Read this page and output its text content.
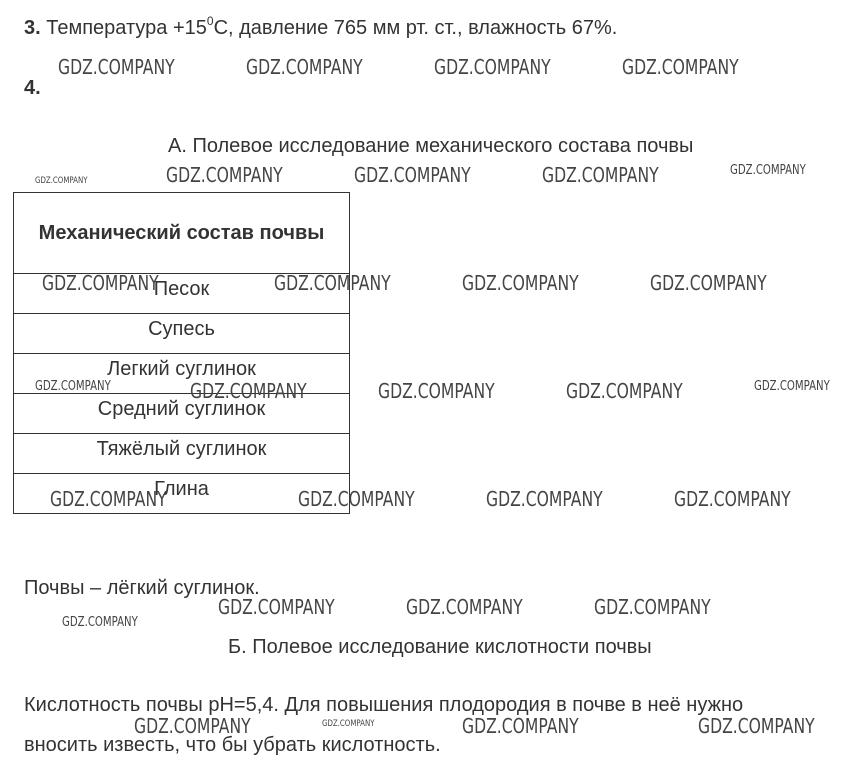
3. Температура $+15^0С$, давление 765 мм рт. ст., влажность 67%.
4.
А. Полевое исследование механического состава почвы
Механический состав почвы
Песок
Супесь
Легкий суглинок
Средний суглинок
Тяжёлый суглинок
Глина
Почвы – лёгкий суглинок.
Б. Полевое исследование кислотности почвы
Кислотность почвы pH=5,4. Для повышения плодородия в почве в неё нужно
вносить известь, что бы убрать кислотность.
GDZ.COMPANY	GDZ.COMPANY	GDZ.COMPANY	GDZ.COMPANY
GDZ.COMPANY	GDZ.COMPANY	GDZ.COMPANY	GDZ.COMPANY	GDZ.COMPANY
GDZ.COMPANY	GDZ.COMPANY	GDZ.COMPANY	GDZ.COMPANY
GDZ.COMPANY	GDZ.COMPANY	GDZ.COMPANY	GDZ.COMPANY	GDZ.COMPANY
GDZ.COMPANY	GDZ.COMPANY	GDZ.COMPANY	GDZ.COMPANY
GDZ.COMPANY	GDZ.COMPANY	GDZ.COMPANY
GDZ.COMPANY
GDZ.COMPANY	GDZ.COMPANY	GDZ.COMPANY	GDZ.COMPANY
